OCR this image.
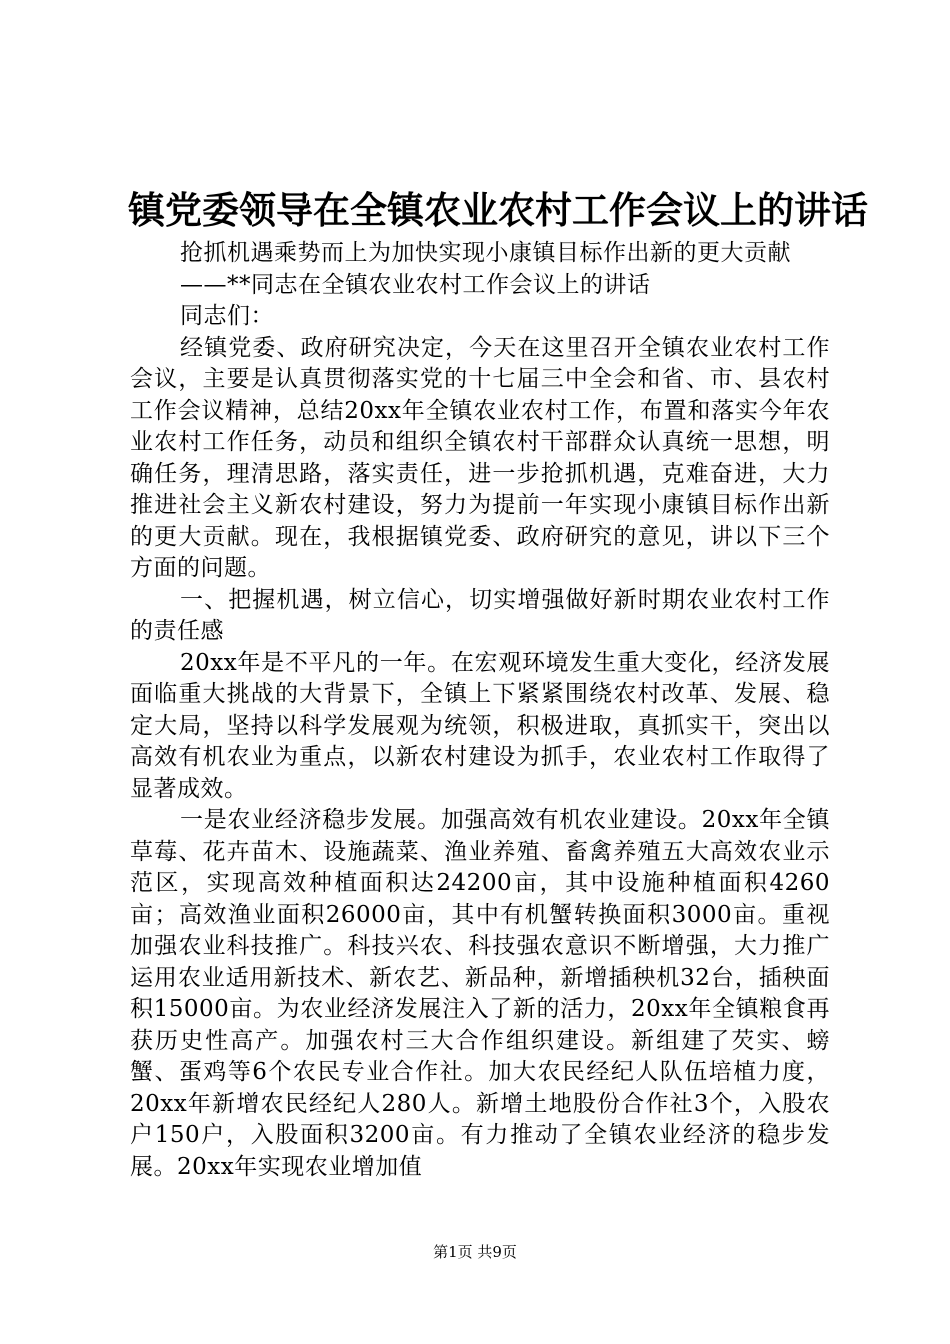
镇党委领导在全镇农业农村工作会议上的讲话

抢抓机遇乘势而上为加快实现小康镇目标作出新的更大贡献

——**同志在全镇农业农村工作会议上的讲话

同志们：

经镇党委、政府研究决定，今天在这里召开全镇农业农村工作会议，主要是认真贯彻落实党的十七届三中全会和省、市、县农村工作会议精神，总结20xx年全镇农业农村工作，布置和落实今年农业农村工作任务，动员和组织全镇农村干部群众认真统一思想，明确任务，理清思路，落实责任，进一步抢抓机遇，克难奋进，大力推进社会主义新农村建设，努力为提前一年实现小康镇目标作出新的更大贡献。现在，我根据镇党委、政府研究的意见，讲以下三个方面的问题。

一、把握机遇，树立信心，切实增强做好新时期农业农村工作的责任感

20xx年是不平凡的一年。在宏观环境发生重大变化，经济发展面临重大挑战的大背景下，全镇上下紧紧围绕农村改革、发展、稳定大局，坚持以科学发展观为统领，积极进取，真抓实干，突出以高效有机农业为重点，以新农村建设为抓手，农业农村工作取得了显著成效。

一是农业经济稳步发展。加强高效有机农业建设。20xx年全镇草莓、花卉苗木、设施蔬菜、渔业养殖、畜禽养殖五大高效农业示范区，实现高效种植面积达24200亩，其中设施种植面积4260亩；高效渔业面积26000亩，其中有机蟹转换面积3000亩。重视加强农业科技推广。科技兴农、科技强农意识不断增强，大力推广运用农业适用新技术、新农艺、新品种，新增插秧机32台，插秧面积15000亩。为农业经济发展注入了新的活力，20xx年全镇粮食再获历史性高产。加强农村三大合作组织建设。新组建了芡实、螃蟹、蛋鸡等6个农民专业合作社。加大农民经纪人队伍培植力度，20xx年新增农民经纪人280人。新增土地股份合作社3个，入股农户150户，入股面积3200亩。有力推动了全镇农业经济的稳步发展。20xx年实现农业增加值

第1页 共9页
